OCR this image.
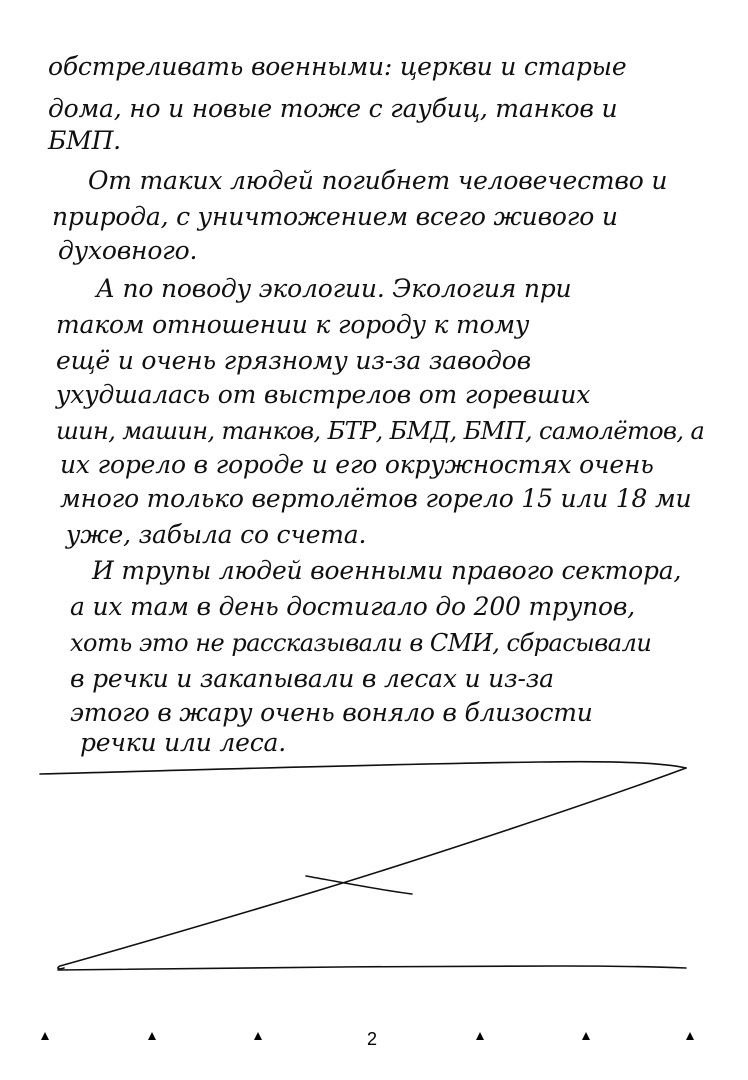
обстреливать военными: церкви и старые
дома, но и новые тоже с гаубиц, танков и
БМП.
От таких людей погибнет человечество и
природа, с уничтожением всего живого и
духовного.
А по поводу экологии. Экология при
таком отношении к городу к тому
ещё и очень грязному из-за заводов
ухудшалась от выстрелов от горевших
шин, машин, танков, БТР, БМД, БМП, самолётов, а
их горело в городе и его окружностях очень
много только вертолётов горело 15 или 18 ми
уже, забыла со счета.
И трупы людей военными правого сектора,
а их там в день достигало до 200 трупов,
хоть это не рассказывали в СМИ, сбрасывали
в речки и закапывали в лесах и из-за
этого в жару очень воняло в близости
речки или леса.
2
